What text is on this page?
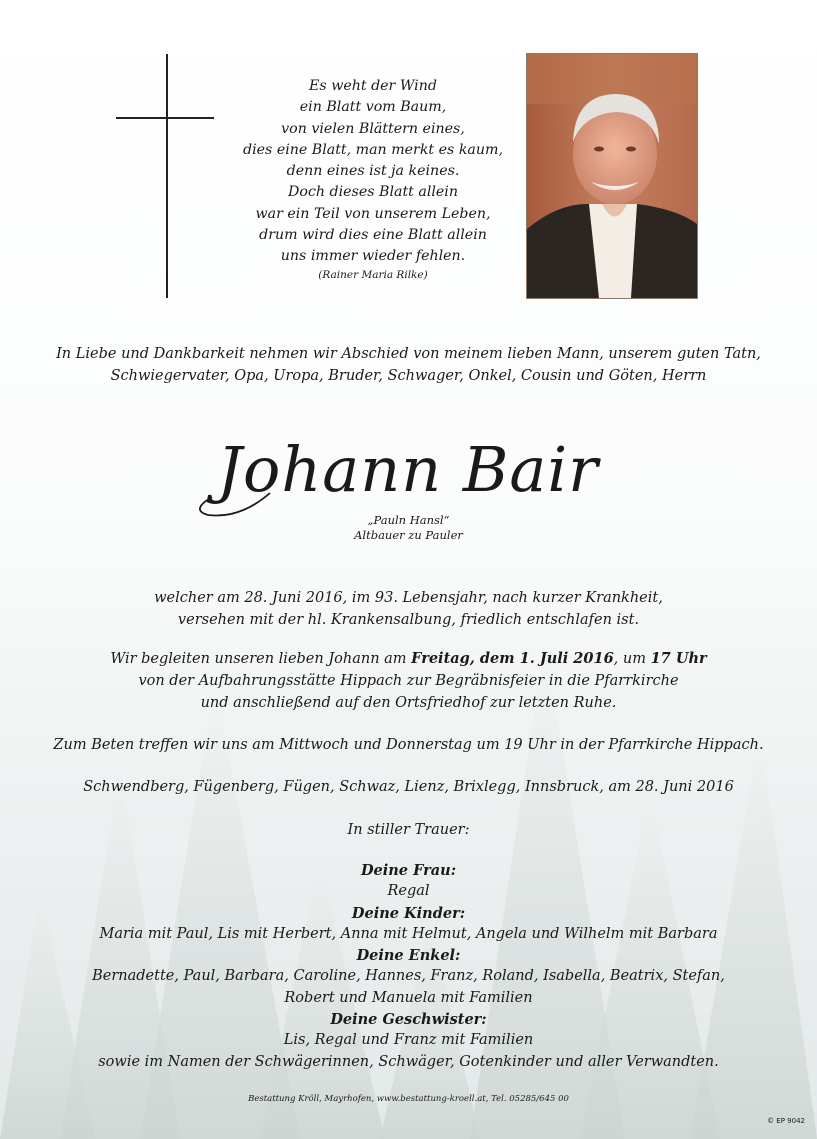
Es weht der Wind
ein Blatt vom Baum,
von vielen Blättern eines,
dies eine Blatt, man merkt es kaum,
denn eines ist ja keines.
Doch dieses Blatt allein
war ein Teil von unserem Leben,
drum wird dies eine Blatt allein
uns immer wieder fehlen.
(Rainer Maria Rilke)
In Liebe und Dankbarkeit nehmen wir Abschied von meinem lieben Mann, unserem guten Tatn,
Schwiegervater, Opa, Uropa, Bruder, Schwager, Onkel, Cousin und Göten, Herrn
Johann Bair
„Pauln Hansl“
Altbauer zu Pauler
welcher am 28. Juni 2016, im 93. Lebensjahr, nach kurzer Krankheit,
versehen mit der hl. Krankensalbung, friedlich entschlafen ist.
Wir begleiten unseren lieben Johann am Freitag, dem 1. Juli 2016, um 17 Uhr
von der Aufbahrungsstätte Hippach zur Begräbnisfeier in die Pfarrkirche
und anschließend auf den Ortsfriedhof zur letzten Ruhe.
Zum Beten treffen wir uns am Mittwoch und Donnerstag um 19 Uhr in der Pfarrkirche Hippach.
Schwendberg, Fügenberg, Fügen, Schwaz, Lienz, Brixlegg, Innsbruck, am 28. Juni 2016
In stiller Trauer:
Deine Frau:
Regal
Deine Kinder:
Maria mit Paul, Lis mit Herbert, Anna mit Helmut, Angela und Wilhelm mit Barbara
Deine Enkel:
Bernadette, Paul, Barbara, Caroline, Hannes, Franz, Roland, Isabella, Beatrix, Stefan,
Robert und Manuela mit Familien
Deine Geschwister:
Lis, Regal und Franz mit Familien
sowie im Namen der Schwägerinnen, Schwäger, Gotenkinder und aller Verwandten.
Bestattung Kröll, Mayrhofen, www.bestattung-kroell.at, Tel. 05285/645 00
© EP 9042
